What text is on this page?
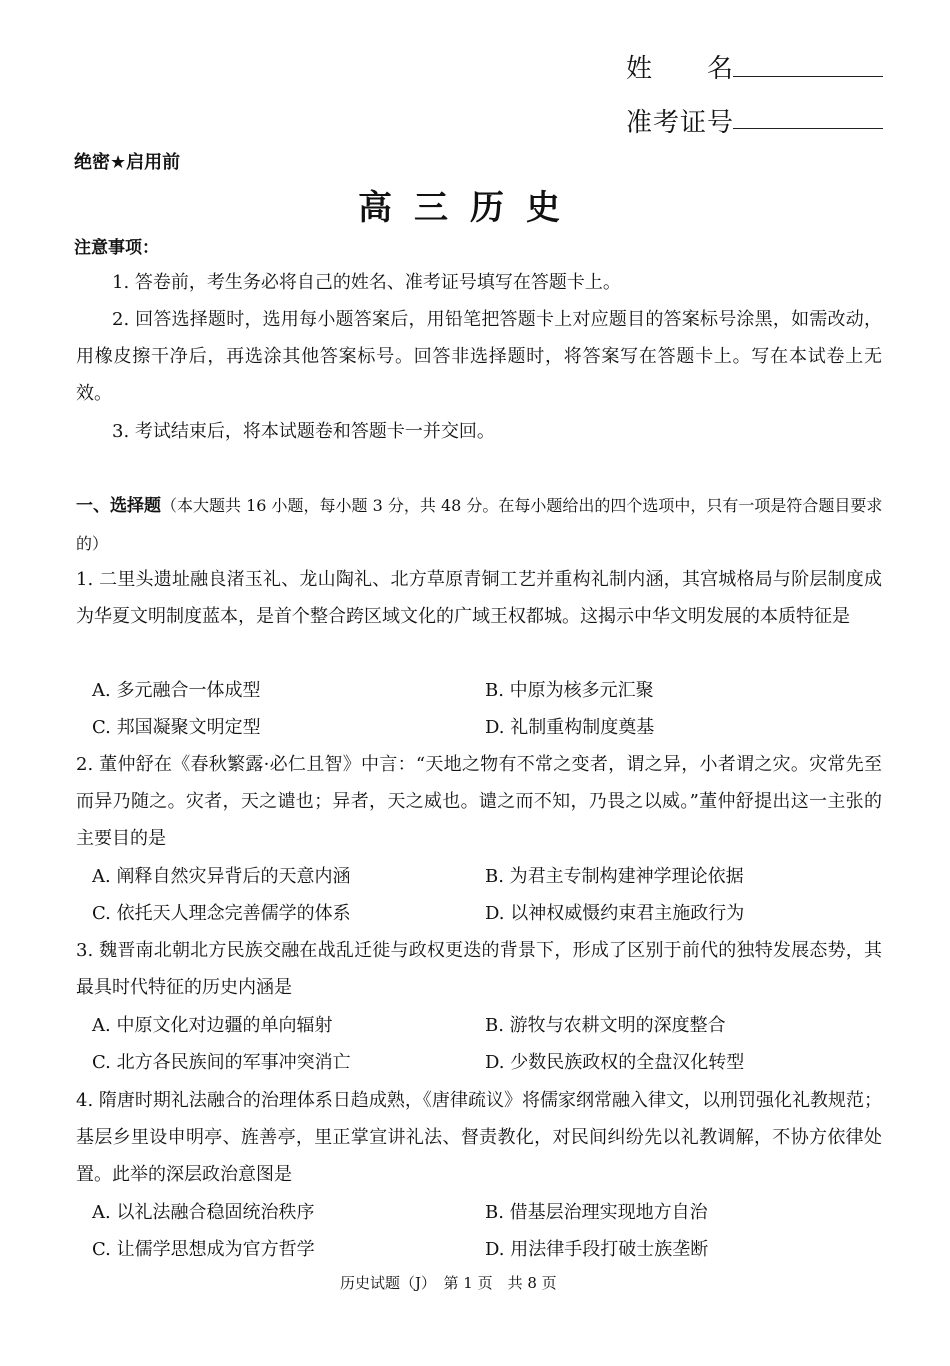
姓　　名
准考证号
绝密★启用前
高三历史
注意事项：
1. 答卷前，考生务必将自己的姓名、准考证号填写在答题卡上。
2. 回答选择题时，选用每小题答案后，用铅笔把答题卡上对应题目的答案标号涂黑，如需改动，用橡皮擦干净后，再选涂其他答案标号。回答非选择题时，将答案写在答题卡上。写在本试卷上无效。
3. 考试结束后，将本试题卷和答题卡一并交回。
一、选择题（本大题共 16 小题，每小题 3 分，共 48 分。在每小题给出的四个选项中，只有一项是符合题目要求的）
1. 二里头遗址融良渚玉礼、龙山陶礼、北方草原青铜工艺并重构礼制内涵，其宫城格局与阶层制度成为华夏文明制度蓝本，是首个整合跨区域文化的广域王权都城。这揭示中华文明发展的本质特征是
A. 多元融合一体成型	B. 中原为核多元汇聚
C. 邦国凝聚文明定型	D. 礼制重构制度奠基
2. 董仲舒在《春秋繁露·必仁且智》中言：“天地之物有不常之变者，谓之异，小者谓之灾。灾常先至而异乃随之。灾者，天之谴也；异者，天之威也。谴之而不知，乃畏之以威。”董仲舒提出这一主张的主要目的是
A. 阐释自然灾异背后的天意内涵	B. 为君主专制构建神学理论依据
C. 依托天人理念完善儒学的体系	D. 以神权威慑约束君主施政行为
3. 魏晋南北朝北方民族交融在战乱迁徙与政权更迭的背景下，形成了区别于前代的独特发展态势，其最具时代特征的历史内涵是
A. 中原文化对边疆的单向辐射	B. 游牧与农耕文明的深度整合
C. 北方各民族间的军事冲突消亡	D. 少数民族政权的全盘汉化转型
4. 隋唐时期礼法融合的治理体系日趋成熟，《唐律疏议》将儒家纲常融入律文，以刑罚强化礼教规范；基层乡里设申明亭、旌善亭，里正掌宣讲礼法、督责教化，对民间纠纷先以礼教调解，不协方依律处置。此举的深层政治意图是
A. 以礼法融合稳固统治秩序	B. 借基层治理实现地方自治
C. 让儒学思想成为官方哲学	D. 用法律手段打破士族垄断
历史试题（J）　第 1 页　共 8 页
